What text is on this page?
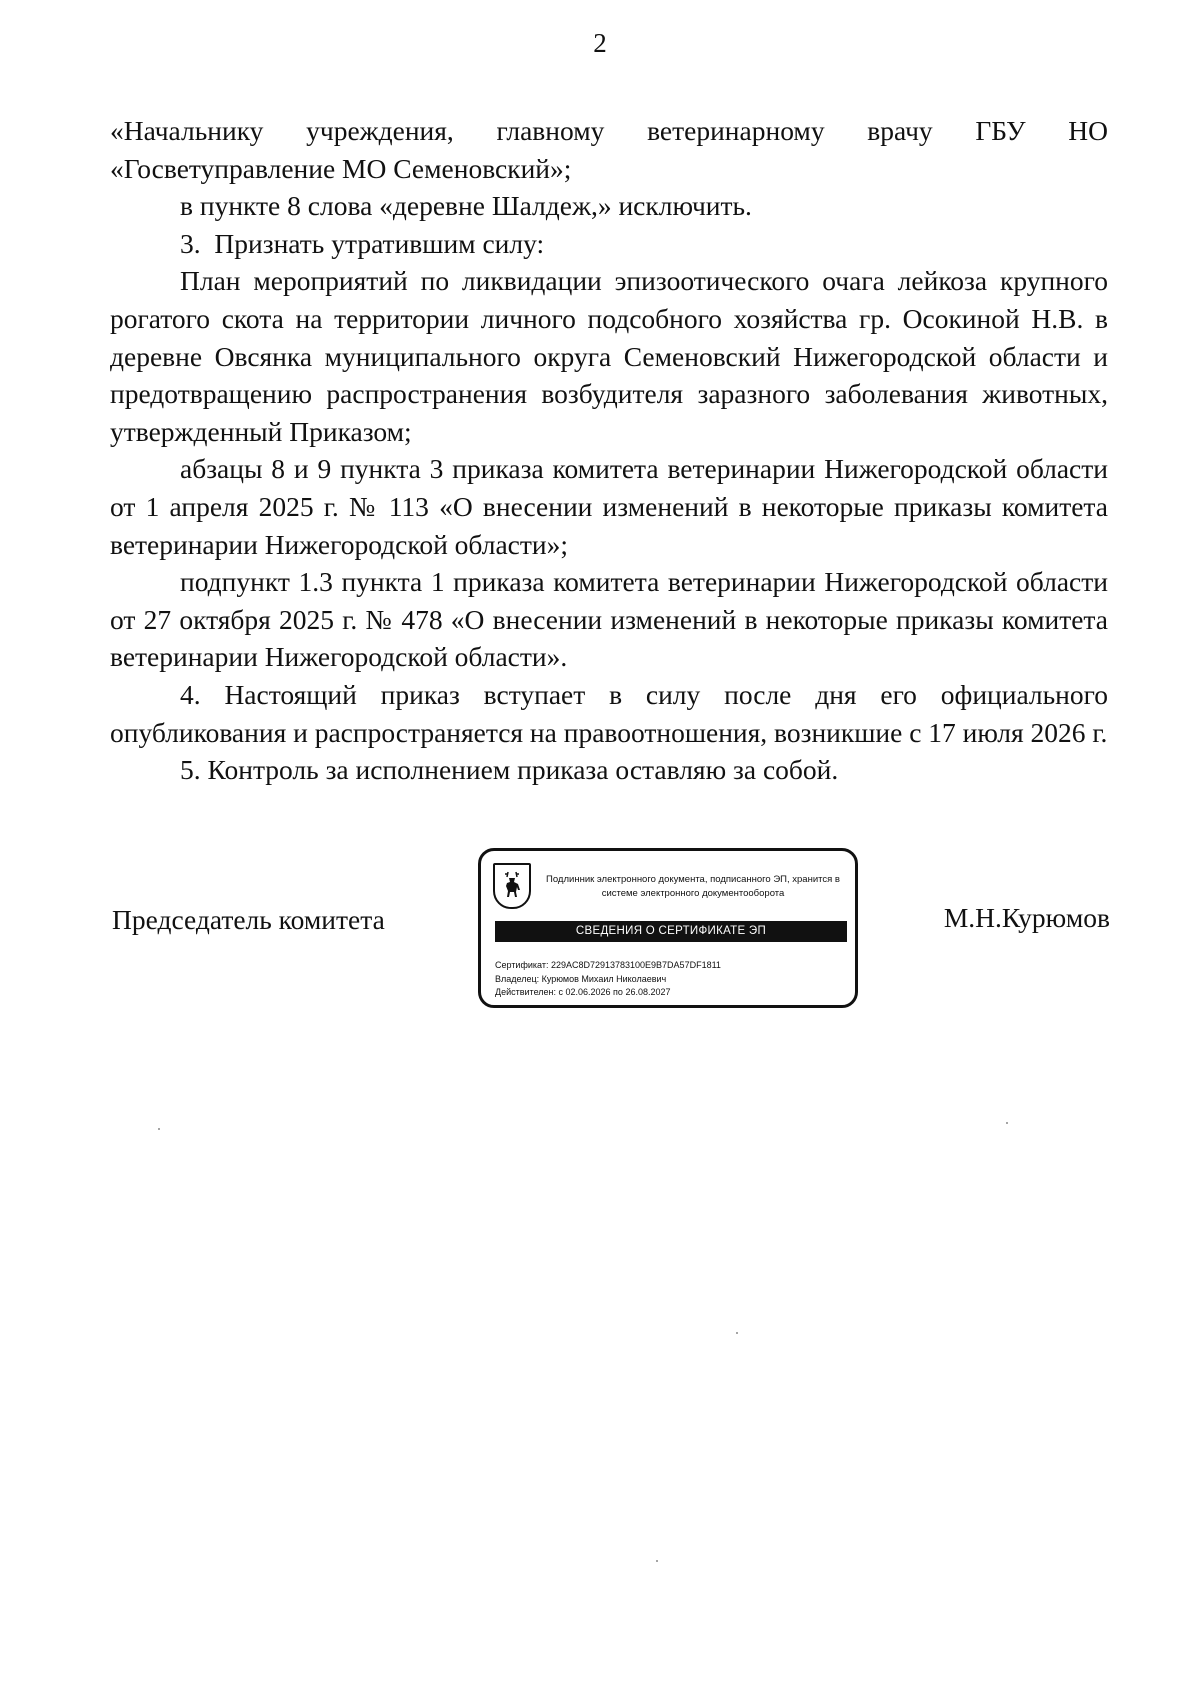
2

«Начальнику учреждения, главному ветеринарному врачу ГБУ НО «Госветуправление МО Семеновский»;

в пункте 8 слова «деревне Шалдеж,» исключить.

3. Признать утратившим силу:

План мероприятий по ликвидации эпизоотического очага лейкоза крупного рогатого скота на территории личного подсобного хозяйства гр. Осокиной Н.В. в деревне Овсянка муниципального округа Семеновский Нижегородской области и предотвращению распространения возбудителя заразного заболевания животных, утвержденный Приказом;

абзацы 8 и 9 пункта 3 приказа комитета ветеринарии Нижегородской области от 1 апреля 2025 г. № 113 «О внесении изменений в некоторые приказы комитета ветеринарии Нижегородской области»;

подпункт 1.3 пункта 1 приказа комитета ветеринарии Нижегородской области от 27 октября 2025 г. № 478 «О внесении изменений в некоторые приказы комитета ветеринарии Нижегородской области».

4. Настоящий приказ вступает в силу после дня его официального опубликования и распространяется на правоотношения, возникшие с 17 июля 2026 г.

5. Контроль за исполнением приказа оставляю за собой.

Председатель комитета
Подлинник электронного документа, подписанного ЭП, хранится в системе электронного документооборота
СВЕДЕНИЯ О СЕРТИФИКАТЕ ЭП
Сертификат: 229AC8D72913783100E9B7DA57DF1811
Владелец: Курюмов Михаил Николаевич
Действителен: с 02.06.2026 по 26.08.2027
М.Н.Курюмов
